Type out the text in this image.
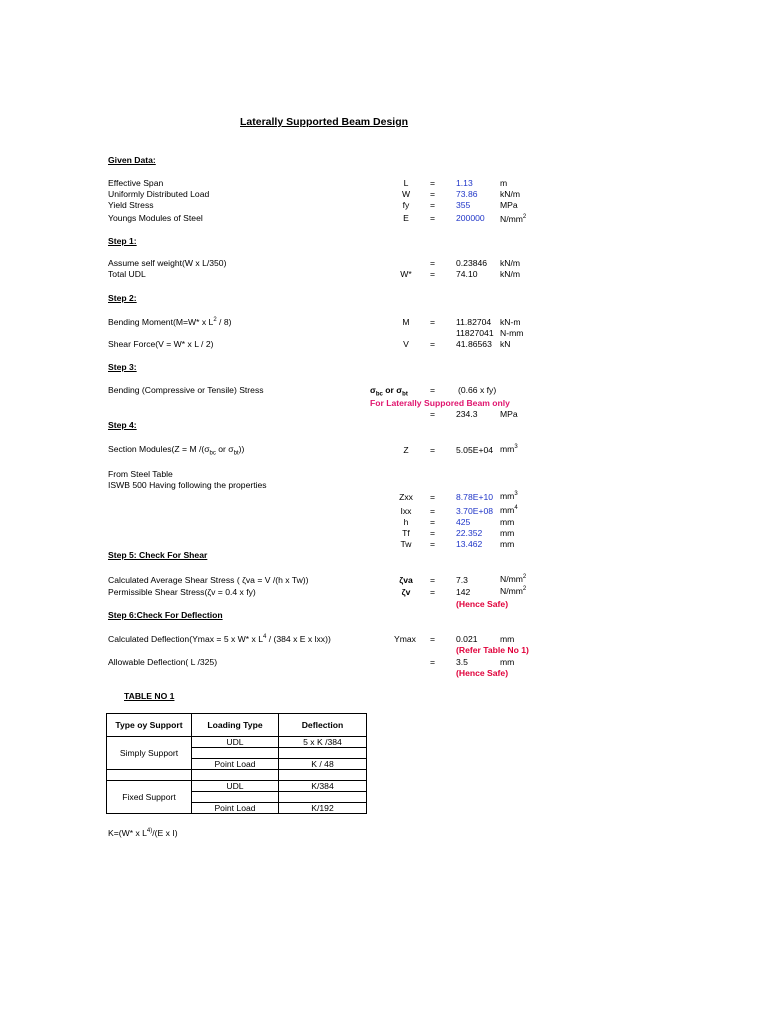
Laterally Supported Beam Design
Given Data:
Effective Span	L	= 1.13	m
Uniformly Distributed Load	W	= 73.86	kN/m
Yield Stress	fy	= 355	MPa
Youngs Modules of Steel	E	= 200000 $N/mm^2$
Step 1:
Assume self weight(W x L/350)	= 0.23846 kN/m
Total UDL	W*	= 74.10	kN/m
Step 2:
Bending Moment(M=W* x $L^2 / 8$)	M	= 11.82704 kN-m
11827041 N-mm
Shear Force(V = W* x L / 2)	V	= 41.86563 kN
Step 3:
Bending (Compressive or Tensile) Stress	$\sigma_{bc}$ or $\sigma_{bt}$	=	(0.66 x fy)
For Laterally Suppored Beam only
= 234.3	MPa
Step 4:
Section Modules(Z = M $/(\sigma_{bc}$ or $\sigma_{bt}$))	Z	= 5.05E+04 $mm^3$
From Steel Table
ISWB 500 Having following the properties
Zxx	= 8.78E+10 $mm^3$
Ixx	= 3.70E+08 $mm^4$
h	= 425	mm
Tf	= 22.352 mm
Tw	= 13.462 mm
Step 5: Check For Shear
Calculated Average Shear Stress ( ζva = V /(h x Tw))	ζva	= 7.3	$N/mm^2$
Permissible Shear Stress(ζv = 0.4 x fy)	ζv	= 142	$N/mm^2$
(Hence Safe)
Step 6:Check For Deflection
Calculated Deflection(Ymax = 5 x W* x $L^4 / (384$ x E x lxx))	Ymax	= 0.021	mm
(Refer Table No 1)
Allowable Deflection( L /325)	= 3.5	mm
(Hence Safe)
TABLE NO 1
Type oy Support	Loading Type	Deflection
Simply Support	UDL	5 x K /384

	Point Load	K / 48

Fixed Support	UDL	K/384

	Point Load	K/192
K=(W* x $L^{4)}/(E$ x I)
